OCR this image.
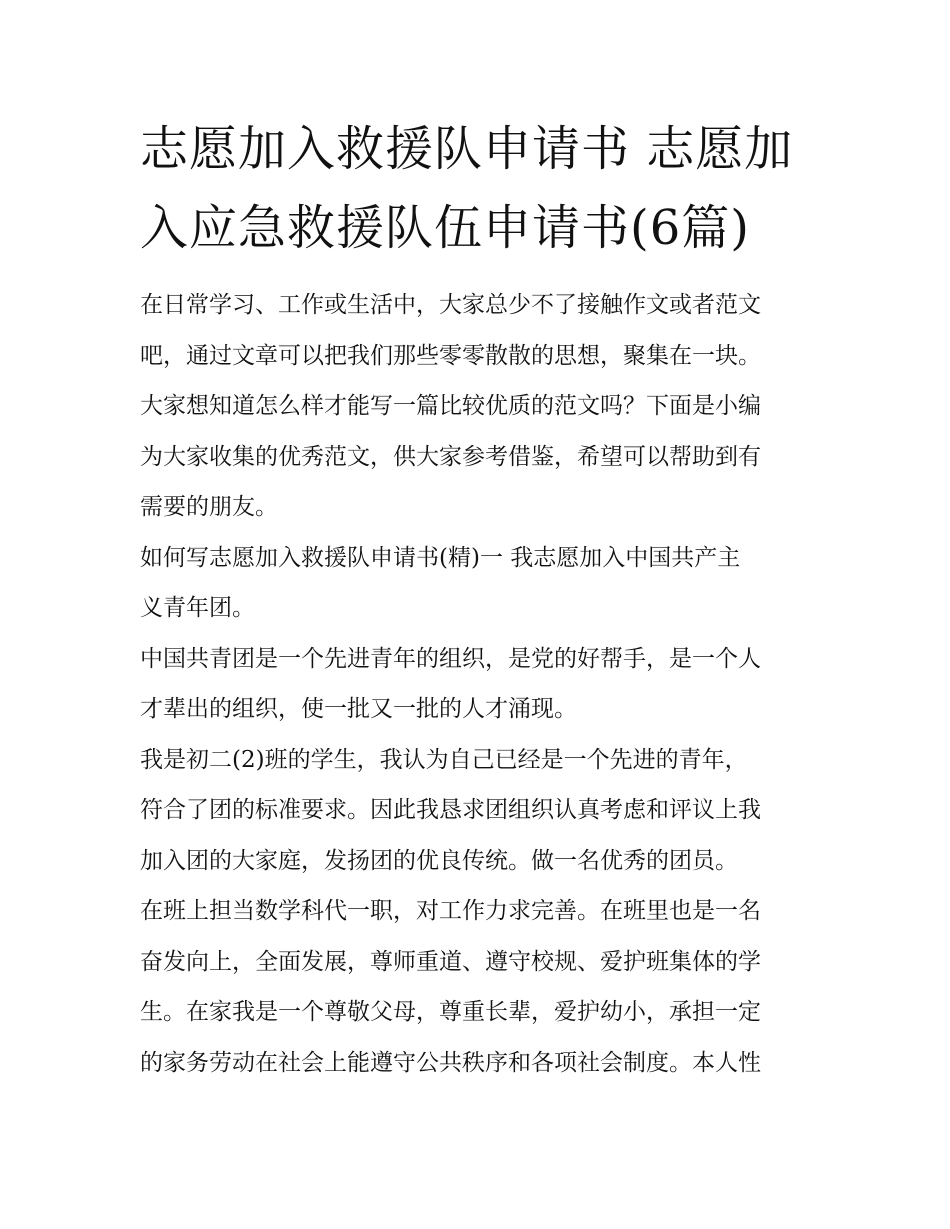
志愿加入救援队申请书 志愿加
入应急救援队伍申请书(6篇)
在日常学习、工作或生活中，大家总少不了接触作文或者范文
吧，通过文章可以把我们那些零零散散的思想，聚集在一块。
大家想知道怎么样才能写一篇比较优质的范文吗？下面是小编
为大家收集的优秀范文，供大家参考借鉴，希望可以帮助到有
需要的朋友。
如何写志愿加入救援队申请书(精)一 我志愿加入中国共产主
义青年团。
中国共青团是一个先进青年的组织，是党的好帮手，是一个人
才辈出的组织，使一批又一批的人才涌现。
我是初二(2)班的学生，我认为自己已经是一个先进的青年，
符合了团的标准要求。因此我恳求团组织认真考虑和评议上我
加入团的大家庭，发扬团的优良传统。做一名优秀的团员。
在班上担当数学科代一职，对工作力求完善。在班里也是一名
奋发向上，全面发展，尊师重道、遵守校规、爱护班集体的学
生。在家我是一个尊敬父母，尊重长辈，爱护幼小，承担一定
的家务劳动在社会上能遵守公共秩序和各项社会制度。本人性
